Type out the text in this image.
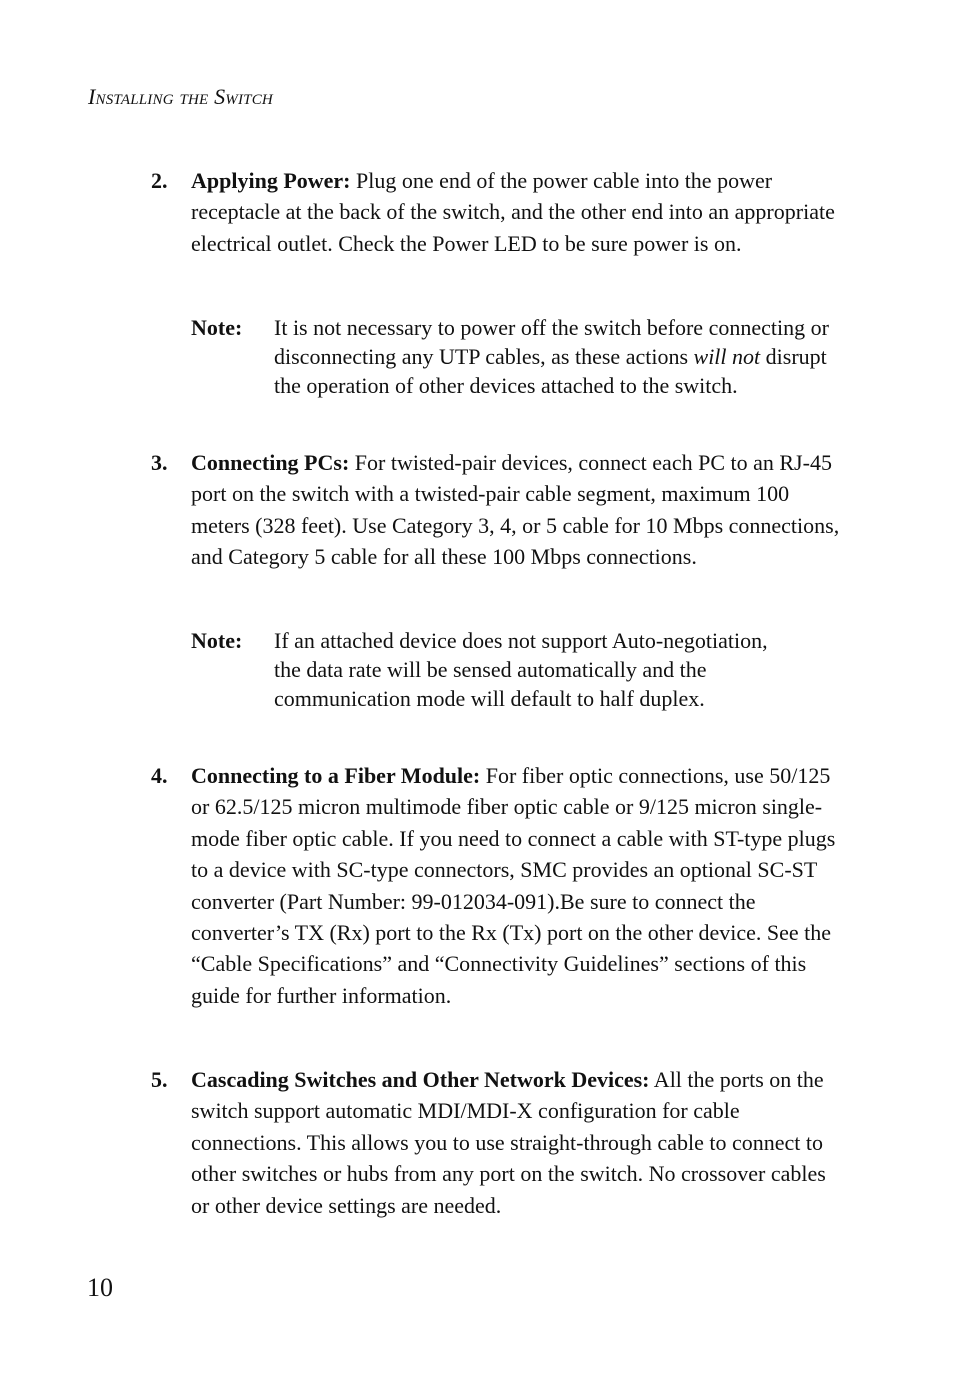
Installing the Switch
2.	Applying Power: Plug one end of the power cable into the power receptacle at the back of the switch, and the other end into an appropriate electrical outlet. Check the Power LED to be sure power is on.
Note: It is not necessary to power off the switch before connecting or disconnecting any UTP cables, as these actions will not disrupt the operation of other devices attached to the switch.
3.	Connecting PCs: For twisted-pair devices, connect each PC to an RJ-45 port on the switch with a twisted-pair cable segment, maximum 100 meters (328 feet). Use Category 3, 4, or 5 cable for 10 Mbps connections, and Category 5 cable for all these 100 Mbps connections.
Note: If an attached device does not support Auto-negotiation, the data rate will be sensed automatically and the communication mode will default to half duplex.
4.	Connecting to a Fiber Module: For fiber optic connections, use 50/125 or 62.5/125 micron multimode fiber optic cable or 9/125 micron single-mode fiber optic cable. If you need to connect a cable with ST-type plugs to a device with SC-type connectors, SMC provides an optional SC-ST converter (Part Number: 99-012034-091).Be sure to connect the converter’s TX (Rx) port to the Rx (Tx) port on the other device. See the “Cable Specifications” and “Connectivity Guidelines” sections of this guide for further information.
5.	Cascading Switches and Other Network Devices: All the ports on the switch support automatic MDI/MDI-X configuration for cable connections. This allows you to use straight-through cable to connect to other switches or hubs from any port on the switch. No crossover cables or other device settings are needed.
10
